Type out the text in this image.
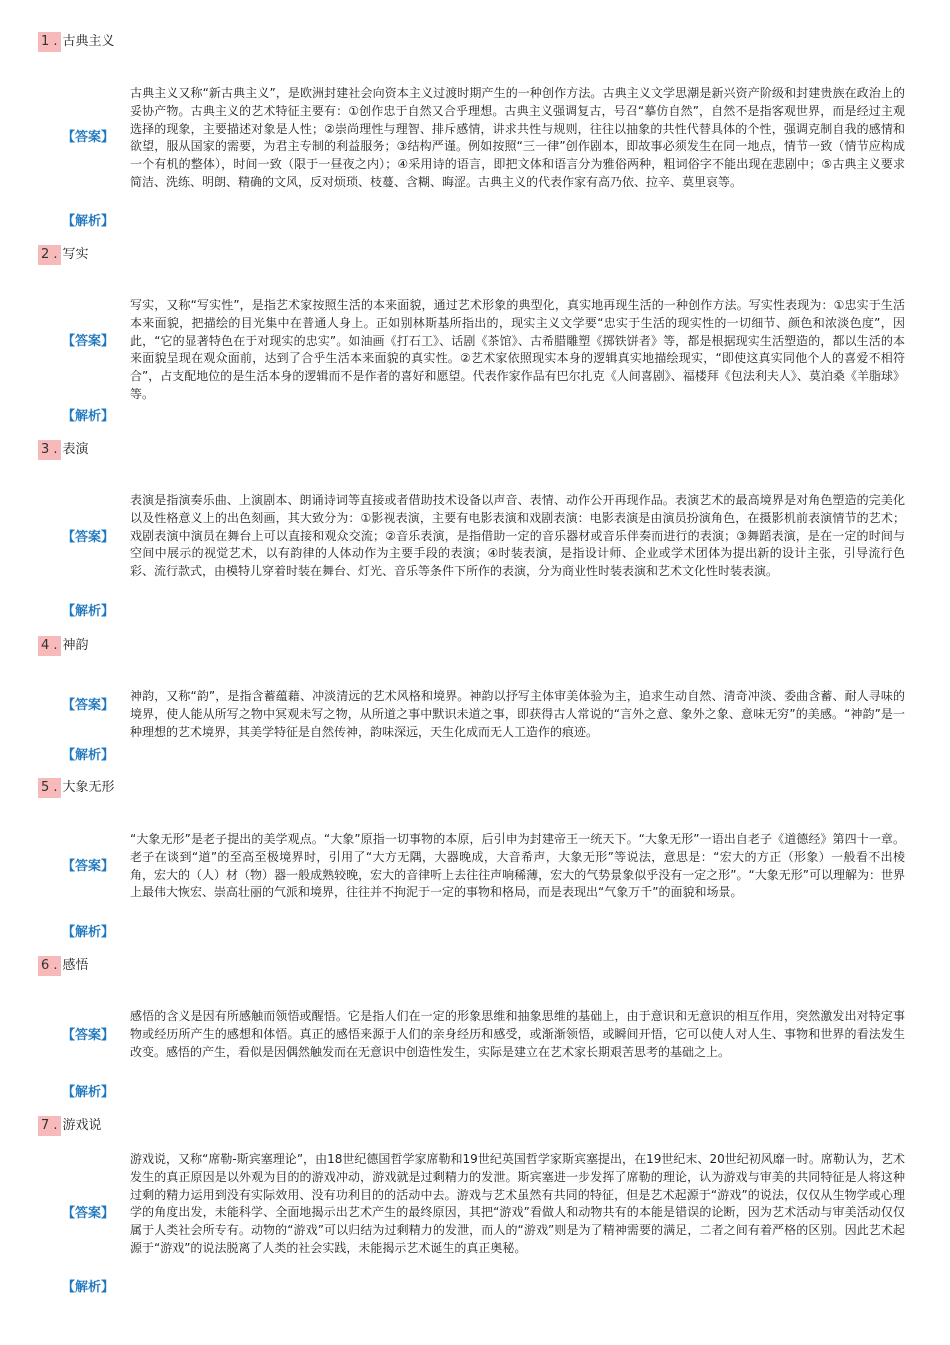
1 . 古典主义
【答案】
古典主义又称“新古典主义”，是欧洲封建社会向资本主义过渡时期产生的一种创作方法。古典主义文学思潮是新兴资产阶级和封建贵族在政治上的妥协产物。古典主义的艺术特征主要有：①创作忠于自然又合乎理想。古典主义强调复古，号召“摹仿自然”，自然不是指客观世界，而是经过主观选择的现象，主要描述对象是人性；②崇尚理性与理智、排斥感情，讲求共性与规则，往往以抽象的共性代替具体的个性，强调克制自我的感情和欲望，服从国家的需要，为君主专制的利益服务；③结构严谨。例如按照“三一律”创作剧本，即故事必须发生在同一地点，情节一致（情节应构成一个有机的整体），时间一致（限于一昼夜之内）；④采用诗的语言，即把文体和语言分为雅俗两种，粗词俗字不能出现在悲剧中；⑤古典主义要求简洁、洗练、明朗、精确的文风，反对烦琐、枝蔓、含糊、晦涩。古典主义的代表作家有高乃依、拉辛、莫里哀等。
【解析】
2 . 写实
【答案】
写实，又称“写实性”，是指艺术家按照生活的本来面貌，通过艺术形象的典型化，真实地再现生活的一种创作方法。写实性表现为：①忠实于生活本来面貌，把描绘的目光集中在普通人身上。正如别林斯基所指出的，现实主义文学要“忠实于生活的现实性的一切细节、颜色和浓淡色度”，因此，“它的显著特色在于对现实的忠实”。如油画《打石工》、话剧《茶馆》、古希腊雕塑《掷铁饼者》等，都是根据现实生活塑造的，都以生活的本来面貌呈现在观众面前，达到了合乎生活本来面貌的真实性。②艺术家依照现实本身的逻辑真实地描绘现实，“即使这真实同他个人的喜爱不相符合”，占支配地位的是生活本身的逻辑而不是作者的喜好和愿望。代表作家作品有巴尔扎克《人间喜剧》、福楼拜《包法利夫人》、莫泊桑《羊脂球》等。
【解析】
3 . 表演
【答案】
表演是指演奏乐曲、上演剧本、朗诵诗词等直接或者借助技术设备以声音、表情、动作公开再现作品。表演艺术的最高境界是对角色塑造的完美化以及性格意义上的出色刻画，其大致分为：①影视表演，主要有电影表演和戏剧表演：电影表演是由演员扮演角色，在摄影机前表演情节的艺术；戏剧表演中演员在舞台上可以直接和观众交流；②音乐表演，是指借助一定的音乐器材或音乐伴奏而进行的表演；③舞蹈表演，是在一定的时间与空间中展示的视觉艺术，以有韵律的人体动作为主要手段的表演；④时装表演，是指设计师、企业或学术团体为提出新的设计主张，引导流行色彩、流行款式，由模特儿穿着时装在舞台、灯光、音乐等条件下所作的表演，分为商业性时装表演和艺术文化性时装表演。
【解析】
4 . 神韵
【答案】
神韵，又称“韵”，是指含蓄蕴藉、冲淡清远的艺术风格和境界。神韵以抒写主体审美体验为主，追求生动自然、清奇冲淡、委曲含蓄、耐人寻味的境界，使人能从所写之物中冥观未写之物，从所道之事中默识未道之事，即获得古人常说的“言外之意、象外之象、意味无穷”的美感。“神韵”是一种理想的艺术境界，其美学特征是自然传神，韵味深远，天生化成而无人工造作的痕迹。
【解析】
5 . 大象无形
【答案】
“大象无形”是老子提出的美学观点。“大象”原指一切事物的本原，后引申为封建帝王一统天下。“大象无形”一语出自老子《道德经》第四十一章。老子在谈到“道”的至高至极境界时，引用了“大方无隅，大器晚成，大音希声，大象无形”等说法，意思是：“宏大的方正（形象）一般看不出棱角，宏大的（人）材（物）器一般成熟较晚，宏大的音律听上去往往声响稀薄，宏大的气势景象似乎没有一定之形”。“大象无形”可以理解为：世界上最伟大恢宏、崇高壮丽的气派和境界，往往并不拘泥于一定的事物和格局，而是表现出“气象万千”的面貌和场景。
【解析】
6 . 感悟
【答案】
感悟的含义是因有所感触而领悟或醒悟。它是指人们在一定的形象思维和抽象思维的基础上，由于意识和无意识的相互作用，突然激发出对特定事物或经历所产生的感想和体悟。真正的感悟来源于人们的亲身经历和感受，或渐渐领悟，或瞬间开悟，它可以使人对人生、事物和世界的看法发生改变。感悟的产生，看似是因偶然触发而在无意识中创造性发生，实际是建立在艺术家长期艰苦思考的基础之上。
【解析】
7 . 游戏说
【答案】
游戏说，又称“席勒-斯宾塞理论”，由18世纪德国哲学家席勒和19世纪英国哲学家斯宾塞提出，在19世纪末、20世纪初风靡一时。席勒认为，艺术发生的真正原因是以外观为目的的游戏冲动，游戏就是过剩精力的发泄。斯宾塞进一步发挥了席勒的理论，认为游戏与审美的共同特征是人将这种过剩的精力运用到没有实际效用、没有功利目的的活动中去。游戏与艺术虽然有共同的特征，但是艺术起源于“游戏”的说法，仅仅从生物学或心理学的角度出发，未能科学、全面地揭示出艺术产生的最终原因，其把“游戏”看做人和动物共有的本能是错误的论断，因为艺术活动与审美活动仅仅属于人类社会所专有。动物的“游戏”可以归结为过剩精力的发泄，而人的“游戏”则是为了精神需要的满足，二者之间有着严格的区别。因此艺术起源于“游戏”的说法脱离了人类的社会实践，未能揭示艺术诞生的真正奥秘。
【解析】
